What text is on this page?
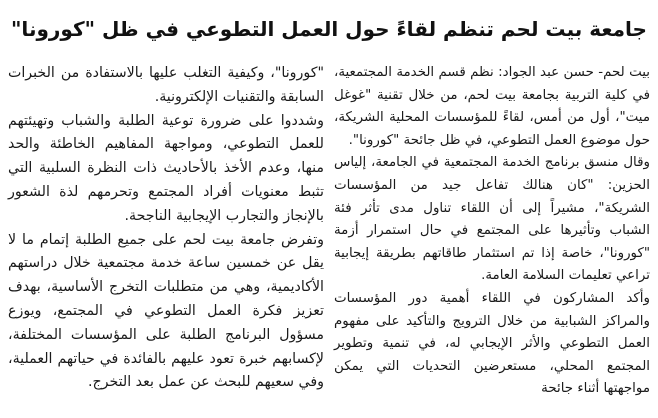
جامعة بيت لحم تنظم لقاءً حول العمل التطوعي في ظل "كورونا"

بيت لحم- حسن عبد الجواد: نظم قسم الخدمة المجتمعية، في كلية التربية بجامعة بيت لحم، من خلال تقنية "غوغل ميت"، أول من أمس، لقاءً للمؤسسات المحلية الشريكة، حول موضوع العمل التطوعي، في ظل جائحة "كورونا".

وقال منسق برنامج الخدمة المجتمعية في الجامعة، إلياس الحزين: "كان هنالك تفاعل جيد من المؤسسات الشريكة"، مشيراً إلى أن اللقاء تناول مدى تأثر فئة الشباب وتأثيرها على المجتمع في حال استمرار أزمة "كورونا"، خاصة إذا تم استثمار طاقاتهم بطريقة إيجابية تراعي تعليمات السلامة العامة.

وأكد المشاركون في اللقاء أهمية دور المؤسسات والمراكز الشبابية من خلال الترويج والتأكيد على مفهوم العمل التطوعي والأثر الإيجابي له، في تنمية وتطوير المجتمع المحلي، مستعرضين التحديات التي يمكن مواجهتها أثناء جائحة

"كورونا"، وكيفية التغلب عليها بالاستفادة من الخبرات السابقة والتقنيات الإلكترونية.

وشددوا على ضرورة توعية الطلبة والشباب وتهيئتهم للعمل التطوعي، ومواجهة المفاهيم الخاطئة والحد منها، وعدم الأخذ بالأحاديث ذات النظرة السلبية التي تثبط معنويات أفراد المجتمع وتحرمهم لذة الشعور بالإنجاز والتجارب الإيجابية الناجحة.

وتفرض جامعة بيت لحم على جميع الطلبة إتمام ما لا يقل عن خمسين ساعة خدمة مجتمعية خلال دراستهم الأكاديمية، وهي من متطلبات التخرج الأساسية، بهدف تعزيز فكرة العمل التطوعي في المجتمع، ويوزع مسؤول البرنامج الطلبة على المؤسسات المختلفة، لإكسابهم خبرة تعود عليهم بالفائدة في حياتهم العملية، وفي سعيهم للبحث عن عمل بعد التخرج.
